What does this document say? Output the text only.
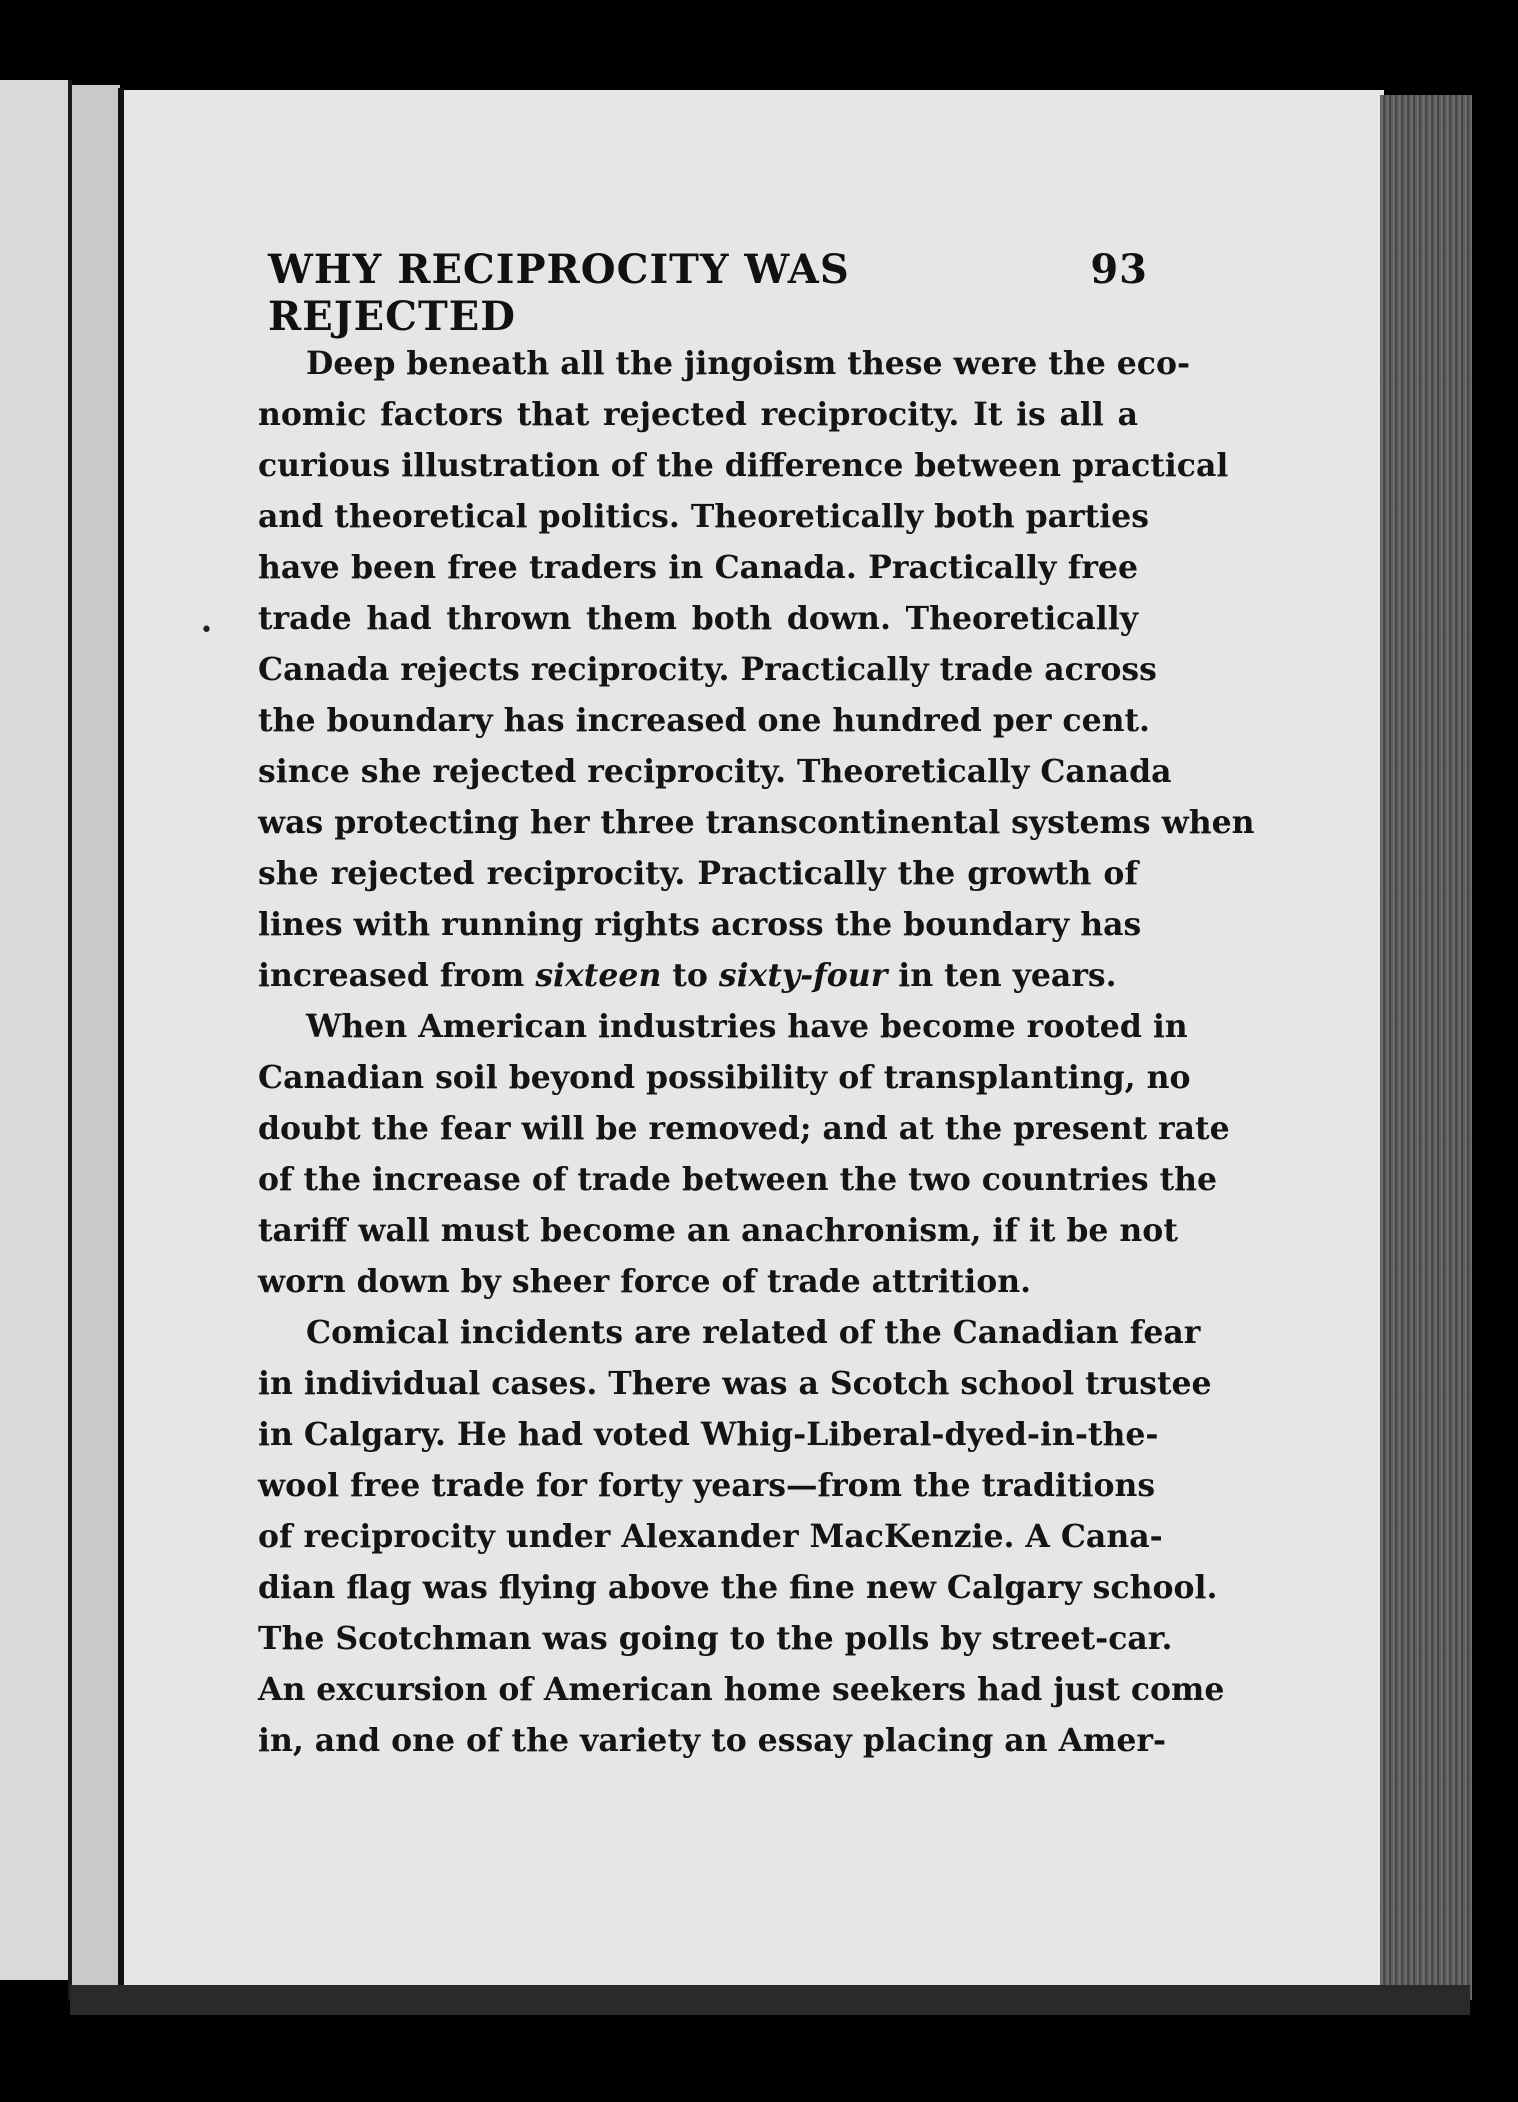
WHY RECIPROCITY WAS REJECTED
93
•
Deep beneath all the jingoism these were the eco-
nomic factors that rejected reciprocity. It is all a
curious illustration of the difference between practical
and theoretical politics. Theoretically both parties
have been free traders in Canada. Practically free
trade had thrown them both down. Theoretically
Canada rejects reciprocity. Practically trade across
the boundary has increased one hundred per cent.
since she rejected reciprocity. Theoretically Canada
was protecting her three transcontinental systems when
she rejected reciprocity. Practically the growth of
lines with running rights across the boundary has
increased from sixteen to sixty-four in ten years.
When American industries have become rooted in
Canadian soil beyond possibility of transplanting, no
doubt the fear will be removed; and at the present rate
of the increase of trade between the two countries the
tariff wall must become an anachronism, if it be not
worn down by sheer force of trade attrition.
Comical incidents are related of the Canadian fear
in individual cases. There was a Scotch school trustee
in Calgary. He had voted Whig-Liberal-dyed-in-the-
wool free trade for forty years—from the traditions
of reciprocity under Alexander MacKenzie. A Cana-
dian flag was flying above the fine new Calgary school.
The Scotchman was going to the polls by street-car.
An excursion of American home seekers had just come
in, and one of the variety to essay placing an Amer-
